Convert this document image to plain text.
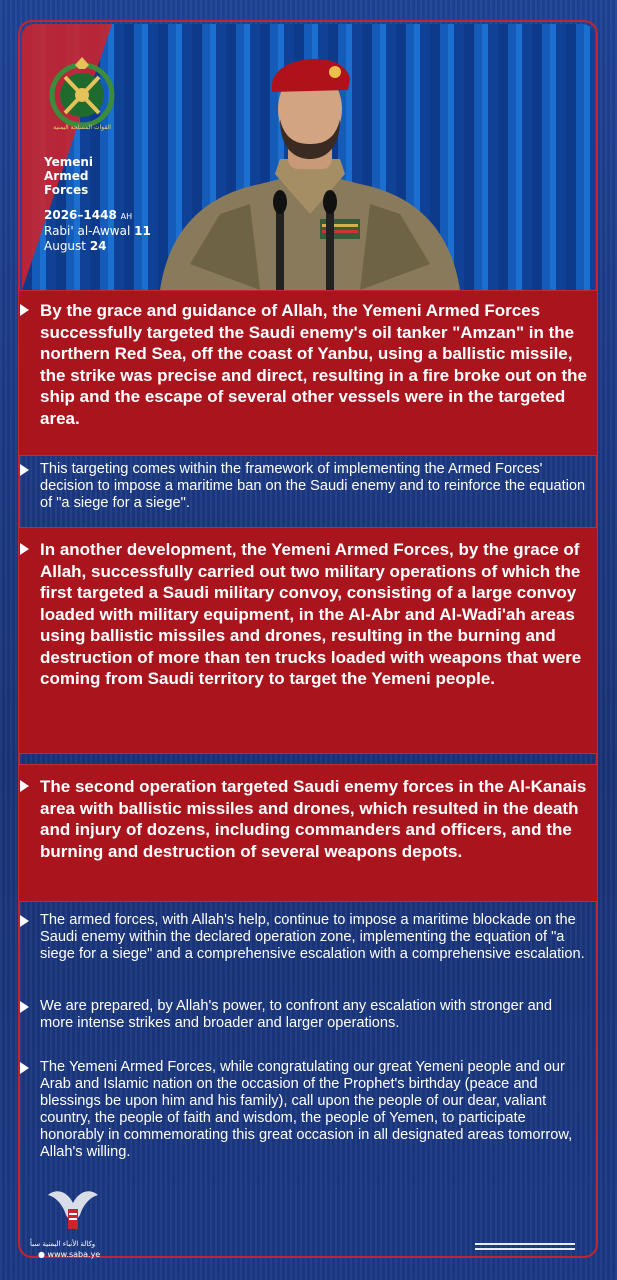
القوات المسلحة اليمنية
Yemeni
Armed
Forces
2026–1448 AH
Rabi' al-Awwal 11
August 24

By the grace and guidance of Allah, the Yemeni Armed Forces successfully targeted the Saudi enemy's oil tanker "Amzan" in the northern Red Sea, off the coast of Yanbu, using a ballistic missile, the strike was precise and direct, resulting in a fire broke out on the ship and the escape of several other vessels were in the targeted area.

This targeting comes within the framework of implementing the Armed Forces' decision to impose a maritime ban on the Saudi enemy and to reinforce the equation of "a siege for a siege".

In another development, the Yemeni Armed Forces, by the grace of Allah, successfully carried out two military operations of which the first targeted a Saudi military convoy, consisting of a large convoy loaded with military equipment, in the Al-Abr and Al-Wadi'ah areas using ballistic missiles and drones, resulting in the burning and destruction of more than ten trucks loaded with weapons that were coming from Saudi territory to target the Yemeni people.

The second operation targeted Saudi enemy forces in the Al-Kanais area with ballistic missiles and drones, which resulted in the death and injury of dozens, including commanders and officers, and the burning and destruction of several weapons depots.

The armed forces, with Allah's help, continue to impose a maritime blockade on the Saudi enemy within the declared operation zone, implementing the equation of "a siege for a siege" and a comprehensive escalation with a comprehensive escalation.

We are prepared, by Allah's power, to confront any escalation with stronger and more intense strikes and broader and larger operations.

The Yemeni Armed Forces, while congratulating our great Yemeni people and our Arab and Islamic nation on the occasion of the Prophet's birthday (peace and blessings be upon him and his family), call upon the people of our dear, valiant country, the people of faith and wisdom, the people of Yemen, to participate honorably in commemorating this great occasion in all designated areas tomorrow, Allah's willing.

وكالة الأنباء اليمنية سبأ
● www.saba.ye
